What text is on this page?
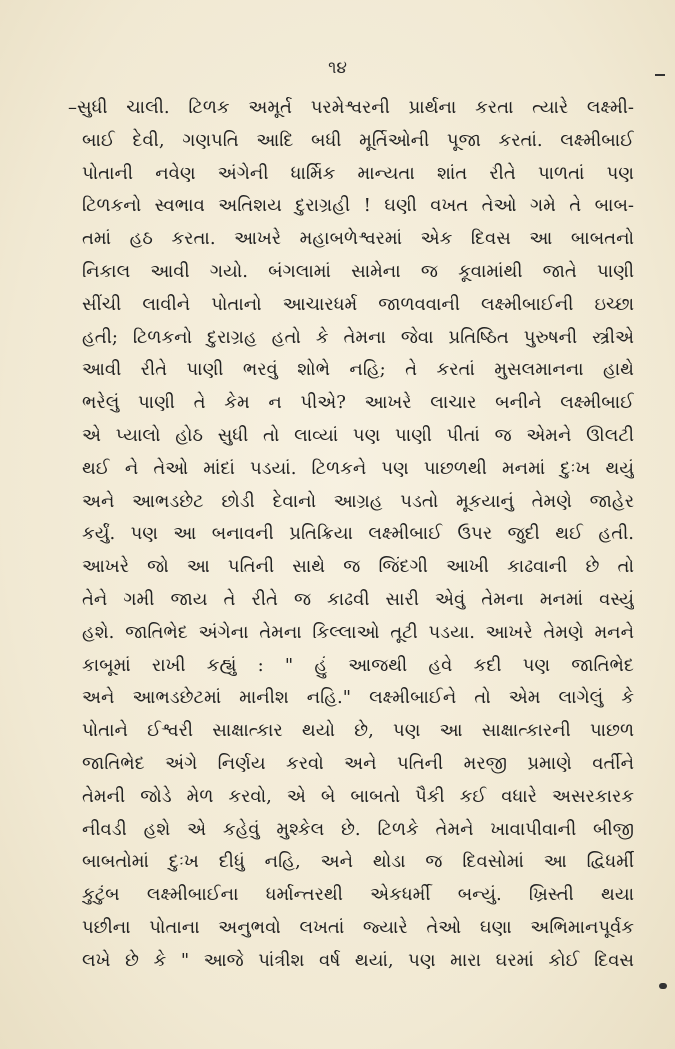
૧૪
–સુધી ચાલી. ટિળક અમૂર્ત પરમેશ્વરની પ્રાર્થના કરતા ત્યારે લક્ષ્મી-
બાઈ દેવી, ગણપતિ આદિ બધી મૂર્તિઓની પૂજા કરતાં. લક્ષ્મીબાઈ
પોતાની નવેણ અંગેની ધાર્મિક માન્યતા શાંત રીતે પાળતાં પણ
ટિળકનો સ્વભાવ અતિશય દુરાગ્રહી ! ઘણી વખત તેઓ ગમે તે બાબ-
તમાં હઠ કરતા. આખરે મહાબળેશ્વરમાં એક દિવસ આ બાબતનો
નિકાલ આવી ગયો. બંગલામાં સામેના જ કૂવામાંથી જાતે પાણી
સીંચી લાવીને પોતાનો આચારધર્મ જાળવવાની લક્ષ્મીબાઈની ઇચ્છા
હતી; ટિળકનો દુરાગ્રહ હતો કે તેમના જેવા પ્રતિષ્ઠિત પુરુષની સ્ત્રીએ
આવી રીતે પાણી ભરવું શોભે નહિ; તે કરતાં મુસલમાનના હાથે
ભરેલું પાણી તે કેમ ન પીએ? આખરે લાચાર બનીને લક્ષ્મીબાઈ
એ પ્યાલો હોઠ સુધી તો લાવ્યાં પણ પાણી પીતાં જ એમને ઊલટી
થઈ ને તેઓ માંદાં પડયાં. ટિળકને પણ પાછળથી મનમાં દુઃખ થયું
અને આભડછેટ છોડી દેવાનો આગ્રહ પડતો મૂકયાનું તેમણે જાહેર
કર્યું. પણ આ બનાવની પ્રતિક્રિયા લક્ષ્મીબાઈ ઉપર જુદી થઈ હતી.
આખરે જો આ પતિની સાથે જ જિંદગી આખી કાઢવાની છે તો
તેને ગમી જાય તે રીતે જ કાઢવી સારી એવું તેમના મનમાં વસ્યું
હશે. જાતિભેદ અંગેના તેમના કિલ્લાઓ તૂટી પડયા. આખરે તેમણે મનને
કાબૂમાં રાખી કહ્યું : " હું આજથી હવે કદી પણ જાતિભેદ
અને આભડછેટમાં માનીશ નહિ." લક્ષ્મીબાઈને તો એમ લાગેલું કે
પોતાને ઈશ્વરી સાક્ષાત્કાર થયો છે, પણ આ સાક્ષાત્કારની પાછળ
જાતિભેદ અંગે નિર્ણય કરવો અને પતિની મરજી પ્રમાણે વર્તીને
તેમની જોડે મેળ કરવો, એ બે બાબતો પૈકી કઈ વધારે અસરકારક
નીવડી હશે એ કહેવું મુશ્કેલ છે. ટિળકે તેમને ખાવાપીવાની બીજી
બાબતોમાં દુઃખ દીધું નહિ, અને થોડા જ દિવસોમાં આ દ્વિધર્મી
કુટુંબ લક્ષ્મીબાઈના ધર્માન્તરથી એકધર્મી બન્યું. ખ્રિસ્તી થયા
પછીના પોતાના અનુભવો લખતાં જ્યારે તેઓ ઘણા અભિમાનપૂર્વક
લખે છે કે " આજે પાંત્રીશ વર્ષ થયાં, પણ મારા ઘરમાં કોઈ દિવસ
